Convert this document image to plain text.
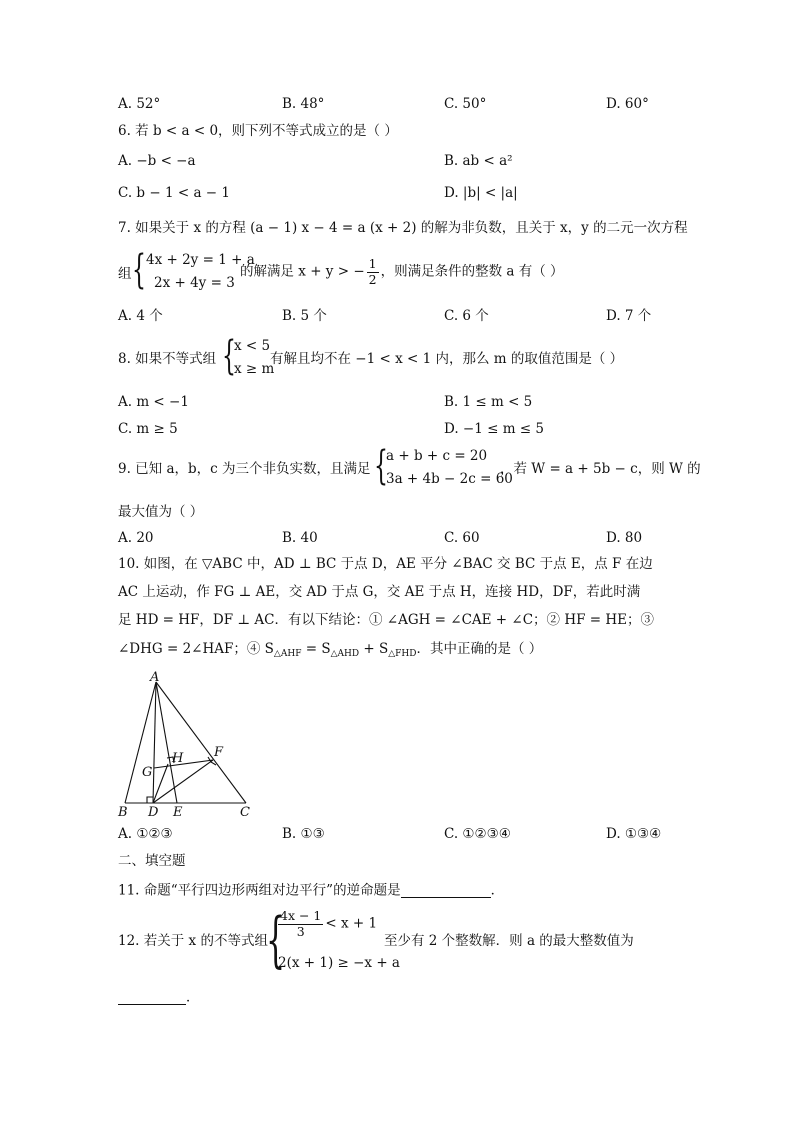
A. 52°	B. 48°	C. 50°	D. 60°
6. 若 b < a < 0，则下列不等式成立的是（ ）
A. −b < −a	B. ab < a²
C. b − 1 < a − 1	D. |b| < |a|
7. 如果关于 x 的方程 (a − 1) x − 4 = a (x + 2) 的解为非负数，且关于 x，y 的二元一次方程
组 { 4x + 2y = 1 + a
2x + 4y = 3
的解满足 x + y > − $\frac{1}{2}$ ，则满足条件的整数 a 有（ ）
A. 4 个	B. 5 个	C. 6 个	D. 7 个
8. 如果不等式组 {
x < 5
x ≥ m
有解且均不在 −1 < x < 1 内，那么 m 的取值范围是（ ）
A. m < −1	B. 1 ≤ m < 5
C. m ≥ 5	D. −1 ≤ m ≤ 5
9. 已知 a，b，c 为三个非负实数，且满足 {
a + b + c = 20
3a + 4b − 2c = 60
，若 W = a + 5b − c，则 W 的
最大值为（ ）
A. 20	B. 40	C. 60	D. 80
10. 如图，在 ▽ABC 中，AD ⊥ BC 于点 D，AE 平分 ∠BAC 交 BC 于点 E，点 F 在边
AC 上运动，作 FG ⊥ AE，交 AD 于点 G，交 AE 于点 H，连接 HD，DF，若此时满
足 HD = HF，DF ⊥ AC．有以下结论：① ∠AGH = ∠CAE + ∠C；② HF = HE；③
∠DHG = 2∠HAF；④ $S_{\triangle AHF} = S_{\triangle AHD} + S_{\triangle FHD}$．其中正确的是（ ）
A
B D E	C
F
G
H
A. ①②③	B. ①③	C. ①②③④	D. ①③④
二、填空题
11. 命题“平行四边形两组对边平行”的逆命题是	．
12. 若关于 x 的不等式组
{
$\frac{4x - 1}{3} < x + 1$
2(x + 1) ≥ −x + a
至少有 2 个整数解．则 a 的最大整数值为
．
